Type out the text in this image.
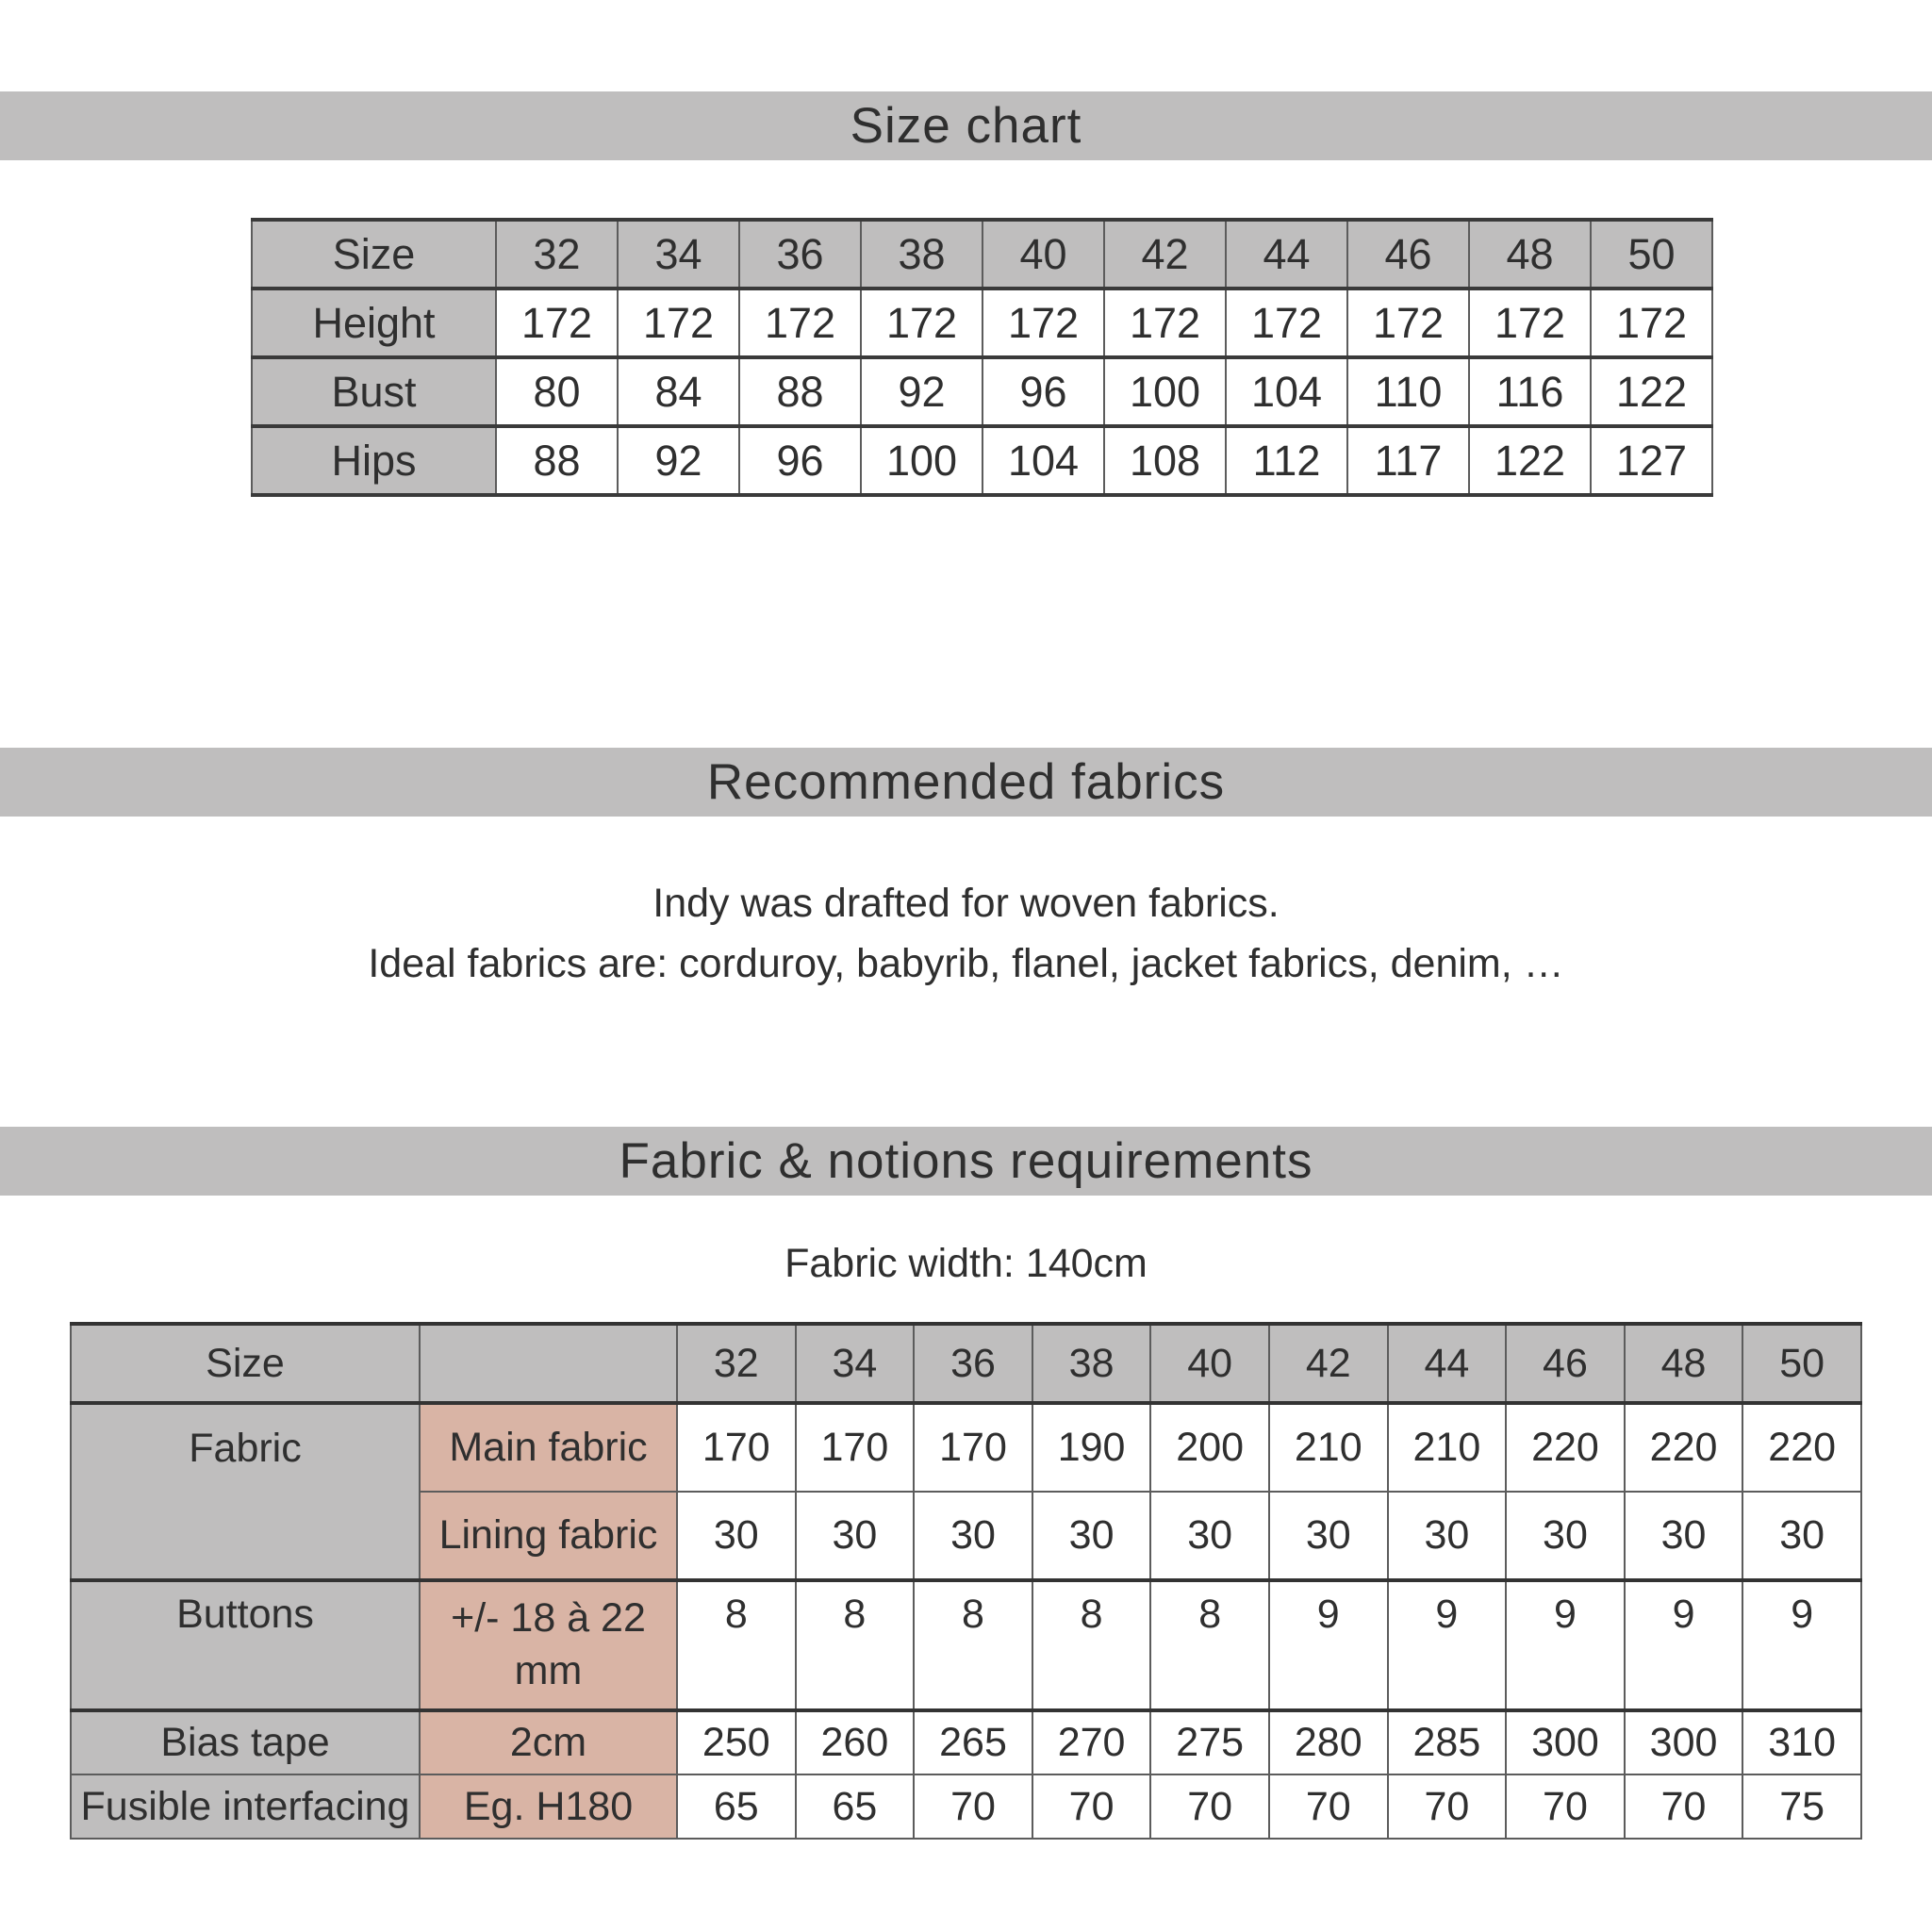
Size chart
Size	32	34	36	38	40	42	44	46	48	50
Height	172	172	172	172	172	172	172	172	172	172
Bust	80	84	88	92	96	100	104	110	116	122
Hips	88	92	96	100	104	108	112	117	122	127
Recommended fabrics
Indy was drafted for woven fabrics.
Ideal fabrics are: corduroy, babyrib, flanel, jacket fabrics, denim, …
Fabric & notions requirements
Fabric width: 140cm
Size		32	34	36	38	40	42	44	46	48	50
Fabric	Main fabric	170	170	170	190	200	210	210	220	220	220
	Lining fabric	30	30	30	30	30	30	30	30	30	30
Buttons	+/- 18 à 22 mm	8	8	8	8	8	9	9	9	9	9
Bias tape	2cm	250	260	265	270	275	280	285	300	300	310
Fusible interfacing	Eg. H180	65	65	70	70	70	70	70	70	70	75
